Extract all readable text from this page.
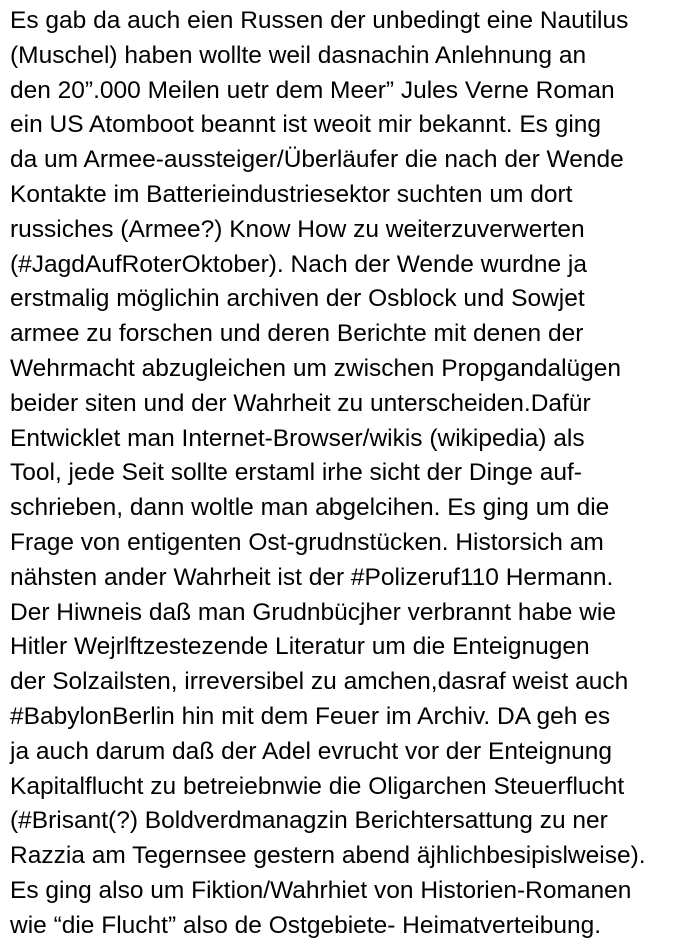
Es gab da auch eien Russen der unbedingt eine Nautilus
(Muschel) haben wollte weil dasnachin Anlehnung an
den 20”.000 Meilen uetr dem Meer” Jules Verne Roman
ein US Atomboot beannt ist weoit mir bekannt. Es ging
da um Armee-aussteiger/Überläufer die nach der Wende
Kontakte im Batterieindustriesektor suchten um dort
russiches (Armee?) Know How zu weiterzuverwerten
(#JagdAufRoterOktober). Nach der Wende wurdne ja
erstmalig möglichin archiven der Osblock und Sowjet
armee zu forschen und deren Berichte mit denen der
Wehrmacht abzugleichen um zwischen Propgandalügen
beider siten und der Wahrheit zu unterscheiden.Dafür
Entwicklet man Internet-Browser/wikis (wikipedia) als
Tool, jede Seit sollte erstaml irhe sicht der Dinge auf-
schrieben, dann woltle man abgelcihen. Es ging um die
Frage von entigenten Ost-grudnstücken. Historsich am
nähsten ander Wahrheit ist der #Polizeruf110 Hermann.
Der Hiwneis daß man Grudnbücjher verbrannt habe wie
Hitler Wejrlftzestezende Literatur um die Enteignugen
der Solzailsten, irreversibel zu amchen,dasraf weist auch
#BabylonBerlin hin mit dem Feuer im Archiv. DA geh es
ja auch darum daß der Adel evrucht vor der Enteignung
Kapitalflucht zu betreiebnwie die Oligarchen Steuerflucht
(#Brisant(?) Boldverdmanagzin Berichtersattung zu ner
Razzia am Tegernsee gestern abend äjhlichbesipislweise).
Es ging also um Fiktion/Wahrhiet von Historien-Romanen
wie “die Flucht” also de Ostgebiete- Heimatverteibung.
